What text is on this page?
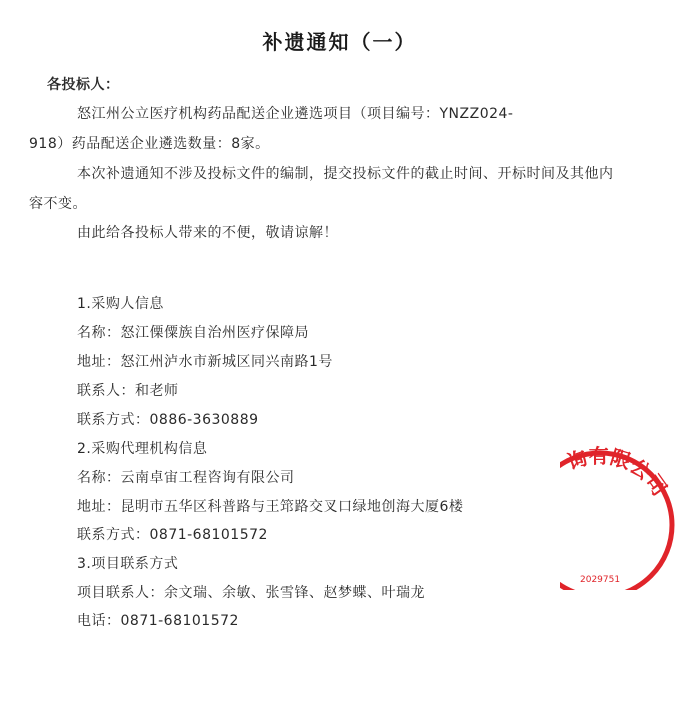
补遗通知（一）
各投标人：
怒江州公立医疗机构药品配送企业遴选项目（项目编号：YNZZ024-
918）药品配送企业遴选数量：8家。
本次补遗通知不涉及投标文件的编制，提交投标文件的截止时间、开标时间及其他内
容不变。
由此给各投标人带来的不便，敬请谅解！
1.采购人信息
名称：怒江傈僳族自治州医疗保障局
地址：怒江州泸水市新城区同兴南路1号
联系人：和老师
联系方式：0886-3630889
2.采购代理机构信息
名称：云南卓宙工程咨询有限公司
地址：昆明市五华区科普路与王筇路交叉口绿地创海大厦6楼
联系方式：0871-68101572
3.项目联系方式
项目联系人：余文瑞、余敏、张雪锋、赵梦蝶、叶瑞龙
电话：0871-68101572
询有限公司
2029751
